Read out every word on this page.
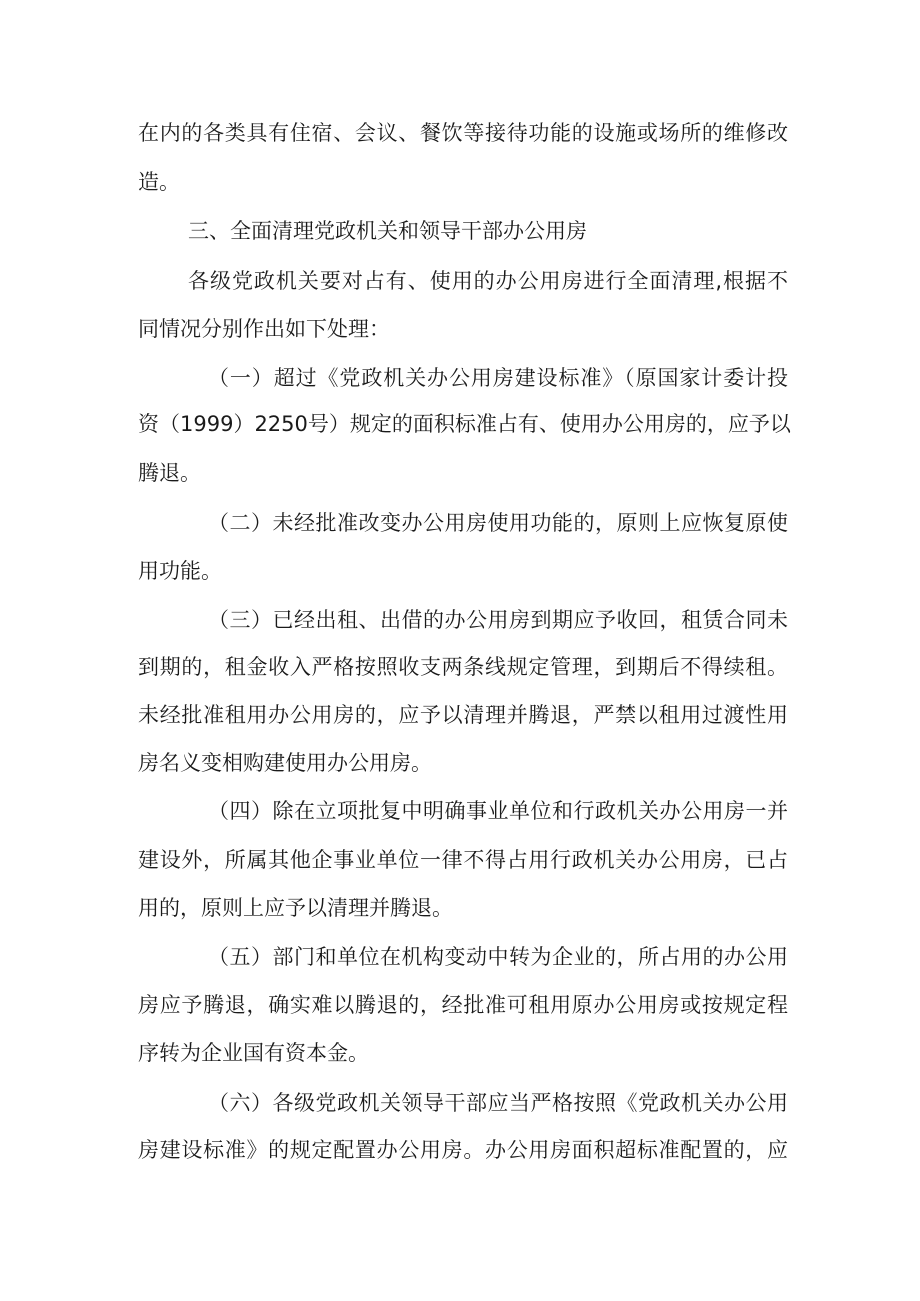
在内的各类具有住宿、会议、餐饮等接待功能的设施或场所的维修改
造。
三、全面清理党政机关和领导干部办公用房
各级党政机关要对占有、使用的办公用房进行全面清理,根据不
同情况分别作出如下处理：
（一）超过《党政机关办公用房建设标准》（原国家计委计投
资（1999）2250号）规定的面积标准占有、使用办公用房的，应予以
腾退。
（二）未经批准改变办公用房使用功能的，原则上应恢复原使
用功能。
（三）已经出租、出借的办公用房到期应予收回，租赁合同未
到期的，租金收入严格按照收支两条线规定管理，到期后不得续租。
未经批准租用办公用房的，应予以清理并腾退，严禁以租用过渡性用
房名义变相购建使用办公用房。
（四）除在立项批复中明确事业单位和行政机关办公用房一并
建设外，所属其他企事业单位一律不得占用行政机关办公用房，已占
用的，原则上应予以清理并腾退。
（五）部门和单位在机构变动中转为企业的，所占用的办公用
房应予腾退，确实难以腾退的，经批准可租用原办公用房或按规定程
序转为企业国有资本金。
（六）各级党政机关领导干部应当严格按照《党政机关办公用
房建设标准》的规定配置办公用房。办公用房面积超标准配置的，应
